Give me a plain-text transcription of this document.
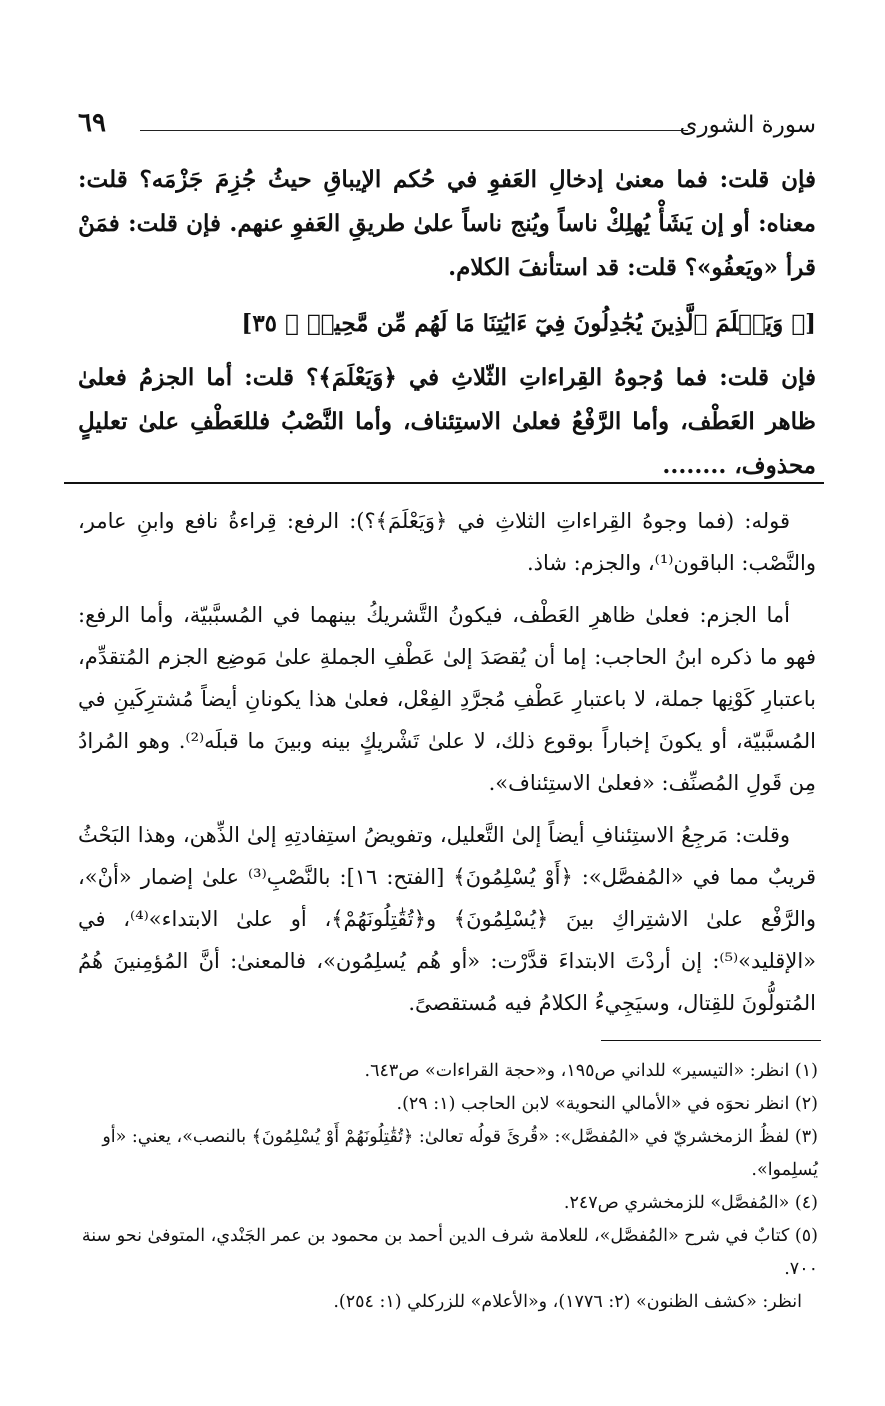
سورة الشورى
٦٩

فإن قلت: فما معنىٰ إدخالِ العَفوِ في حُكم الإيباقِ حيثُ جُزِمَ جَزْمَه؟ قلت: معناه: أو إن يَشَأْ يُهلِكْ ناساً ويُنج ناساً علىٰ طريقِ العَفوِ عنهم. فإن قلت: فمَنْ قرأ «ويَعفُو»؟ قلت: قد استأنفَ الكلام.

[﴿ وَيَعۡلَمَ ٱلَّذِينَ يُجَٰدِلُونَ فِيٓ ءَايَٰتِنَا مَا لَهُم مِّن مَّحِيصٖ ﴾ ٣٥]

فإن قلت: فما وُجوهُ القِراءاتِ الثّلاثِ في ﴿وَيَعْلَمَ﴾؟ قلت: أما الجزمُ فعلىٰ ظاهر العَطْف، وأما الرَّفْعُ فعلىٰ الاستِئناف، وأما النَّصْبُ فللعَطْفِ علىٰ تعليلٍ محذوف، ........

قوله: (فما وجوهُ القِراءاتِ الثلاثِ في ﴿وَيَعْلَمَ﴾؟): الرفع: قِراءةُ نافع وابنِ عامر، والنَّصْب: الباقون⁽¹⁾، والجزم: شاذ.

أما الجزم: فعلىٰ ظاهرِ العَطْف، فيكونُ التَّشريكُ بينهما في المُسبَّبيّة، وأما الرفع: فهو ما ذكره ابنُ الحاجب: إما أن يُقصَدَ إلىٰ عَطْفِ الجملةِ علىٰ مَوضِع الجزم المُتقدِّم، باعتبارِ كَوْنِها جملة، لا باعتبارِ عَطْفِ مُجرَّدِ الفِعْل، فعلىٰ هذا يكونانِ أيضاً مُشترِكَينِ في المُسبَّبيّة، أو يكونَ إخباراً بوقوع ذلك، لا علىٰ تَشْريكٍ بينه وبينَ ما قبلَه⁽²⁾. وهو المُرادُ مِن قَولِ المُصنِّف: «فعلىٰ الاستِئناف».

وقلت: مَرجِعُ الاستِئنافِ أيضاً إلىٰ التَّعليل، وتفويضُ استِفادتِهِ إلىٰ الذِّهن، وهذا البَحْثُ قريبٌ مما في «المُفصَّل»: ﴿أَوْ يُسْلِمُونَ﴾ [الفتح: ١٦]: بالنَّصْبِ⁽³⁾ علىٰ إضمار «أنْ»، والرَّفْع علىٰ الاشتِراكِ بينَ ﴿يُسْلِمُونَ﴾ و﴿تُقَٰتِلُونَهُمْ﴾، أو علىٰ الابتداء»⁽⁴⁾، في «الإقليد»⁽⁵⁾: إن أردْتَ الابتداءَ قدَّرْت: «أو هُم يُسلِمُون»، فالمعنىٰ: أنَّ المُؤمِنينَ هُمُ المُتولُّونَ للقِتال، وسيَجِيءُ الكلامُ فيه مُستقصىً.

(١) انظر: «التيسير» للداني ص١٩٥، و«حجة القراءات» ص٦٤٣.

(٢) انظر نحوَه في «الأمالي النحوية» لابن الحاجب (١: ٢٩).

(٣) لفظُ الزمخشريّ في «المُفصَّل»: «قُرئَ قولُه تعالىٰ: ﴿تُقَٰتِلُونَهُمْ أَوْ يُسْلِمُونَ﴾ بالنصب»، يعني: «أو يُسلِموا».

(٤) «المُفصَّل» للزمخشري ص٢٤٧.

(٥) كتابٌ في شرح «المُفصَّل»، للعلامة شرف الدين أحمد بن محمود بن عمر الجَنْدي، المتوفىٰ نحو سنة ٧٠٠.

انظر: «كشف الظنون» (٢: ١٧٧٦)، و«الأعلام» للزركلي (١: ٢٥٤).
